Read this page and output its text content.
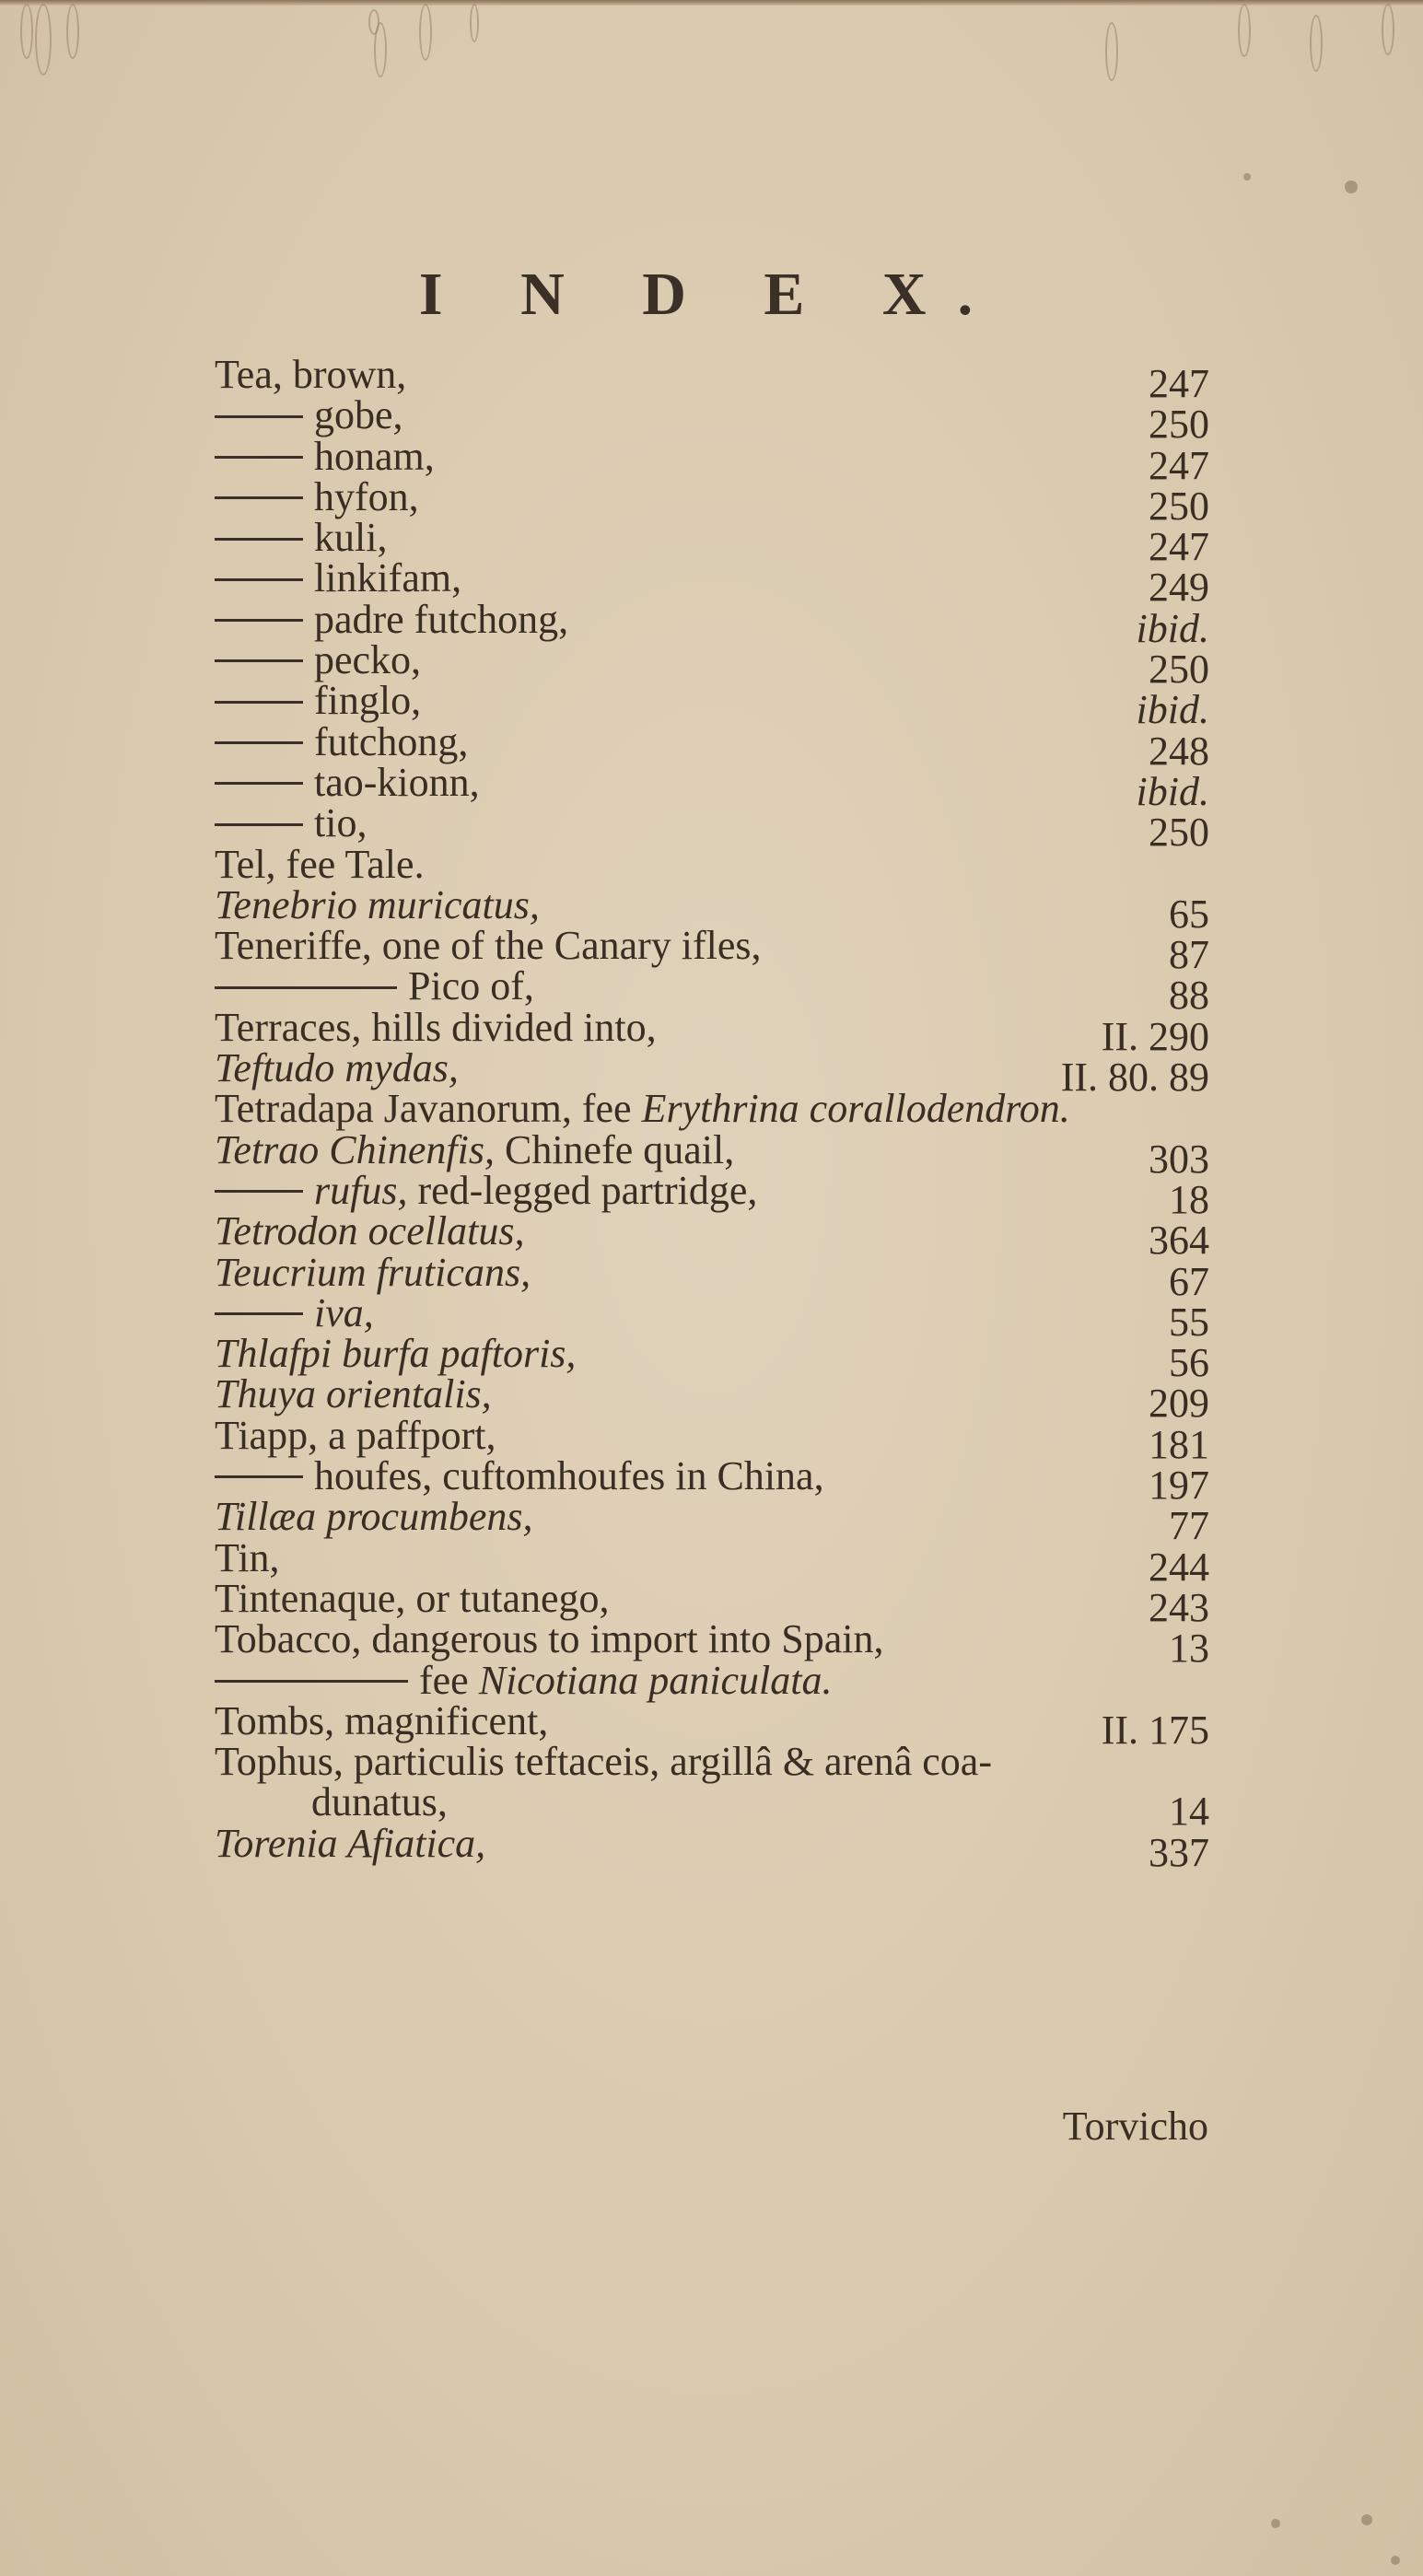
I N D E X.
Tea, brown,	247
gobe,	250
honam,	247
hyfon,	250
kuli,	247
linkifam,	249
padre futchong,	ibid.
pecko,	250
finglo,	ibid.
futchong,	248
tao-kionn,	ibid.
tio,	250
Tel, fee Tale.
Tenebrio muricatus,	65
Teneriffe, one of the Canary ifles,	87
Pico of,	88
Terraces, hills divided into,	II. 290
Teftudo mydas,	II. 80. 89
Tetradapa Javanorum, fee Erythrina corallodendron.
Tetrao Chinenfis, Chinefe quail,	303
rufus, red-legged partridge,	18
Tetrodon ocellatus,	364
Teucrium fruticans,	67
iva,	55
Thlafpi burfa paftoris,	56
Thuya orientalis,	209
Tiapp, a paffport,	181
houfes, cuftomhoufes in China,	197
Tillæa procumbens,	77
Tin,	244
Tintenaque, or tutanego,	243
Tobacco, dangerous to import into Spain,	13
fee Nicotiana paniculata.
Tombs, magnificent,	II. 175
Tophus, particulis teftaceis, argillâ & arenâ coa-
dunatus,	14
Torenia Afiatica,	337
Torvicho
